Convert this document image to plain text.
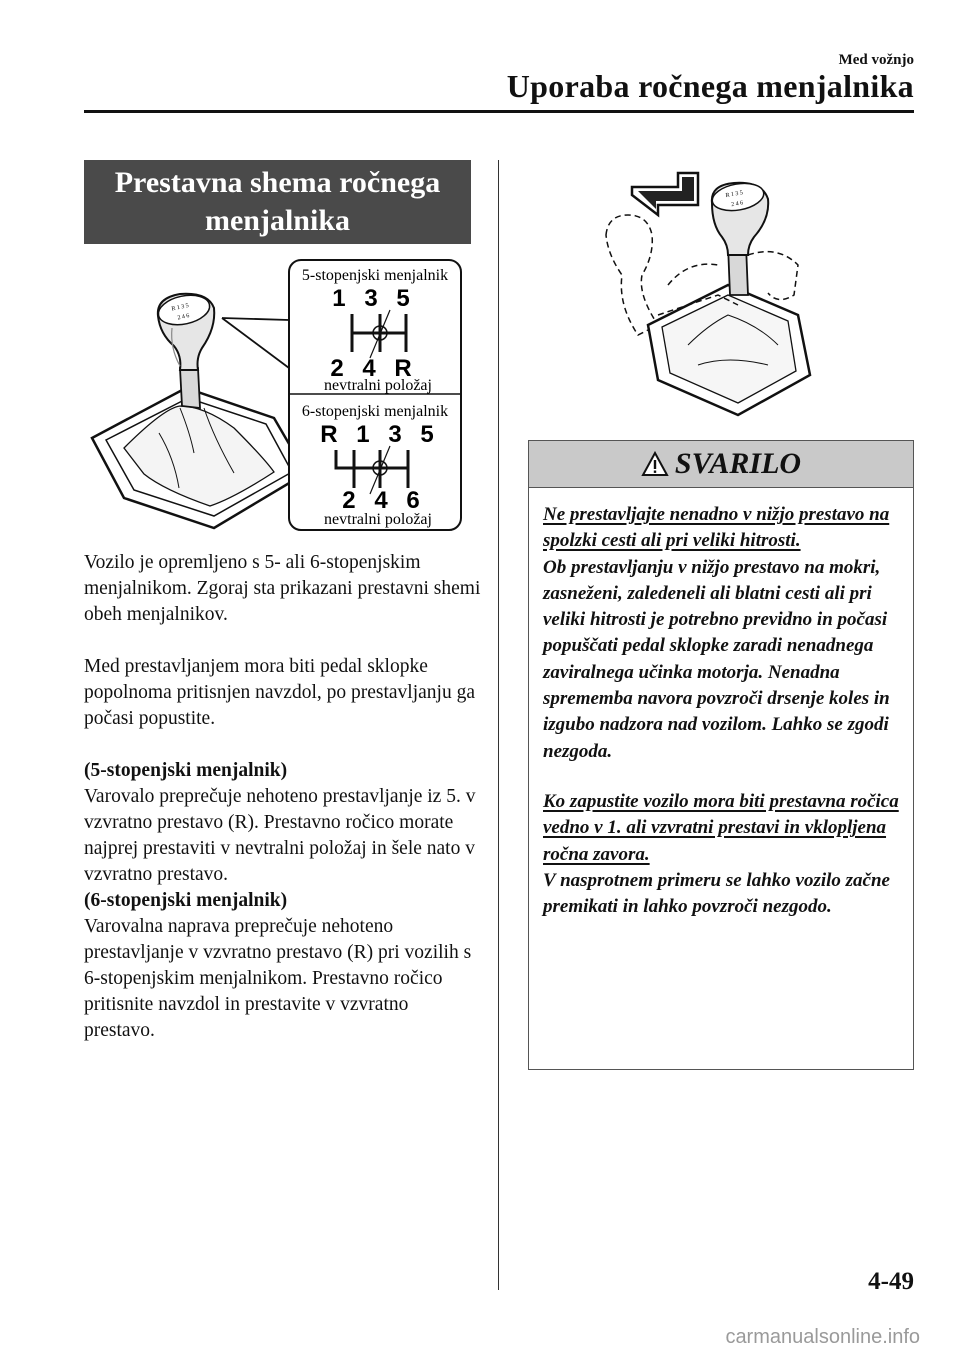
Med vožnjo
Uporaba ročnega menjalnika
Prestavna shema ročnega menjalnika
R 1 3 5
2 4 6
5-stopenjski menjalnik
1 3 5
2 4 R
nevtralni položaj
6-stopenjski menjalnik
R 1 3 5
2 4 6
nevtralni položaj
R 1 3 5
2 4 6

Vozilo je opremljeno s 5- ali 6-stopenjskim menjalnikom. Zgoraj sta prikazani prestavni shemi obeh menjalnikov.

Med prestavljanjem mora biti pedal sklopke popolnoma pritisnjen navzdol, po prestavljanju ga počasi popustite.

(5-stopenjski menjalnik)

Varovalo preprečuje nehoteno prestavljanje iz 5. v vzvratno prestavo (R). Prestavno ročico morate najprej prestaviti v nevtralni položaj in šele nato v vzvratno prestavo.

(6-stopenjski menjalnik)

Varovalna naprava preprečuje nehoteno prestavljanje v vzvratno prestavo (R) pri vozilih s 6-stopenjskim menjalnikom. Prestavno ročico pritisnite navzdol in prestavite v vzvratno prestavo.

SVARILO
Ne prestavljajte nenadno v nižjo prestavo na spolzki cesti ali pri veliki hitrosti.

Ob prestavljanju v nižjo prestavo na mokri, zasneženi, zaledeneli ali blatni cesti ali pri veliki hitrosti je potrebno previdno in počasi popuščati pedal sklopke zaradi nenadnega zaviralnega učinka motorja. Nenadna sprememba navora povzroči drsenje koles in izgubo nadzora nad vozilom. Lahko se zgodi nezgoda.

Ko zapustite vozilo mora biti prestavna ročica vedno v 1. ali vzvratni prestavi in vklopljena ročna zavora.

V nasprotnem primeru se lahko vozilo začne premikati in lahko povzroči nezgodo.

4-49
carmanualsonline.info
